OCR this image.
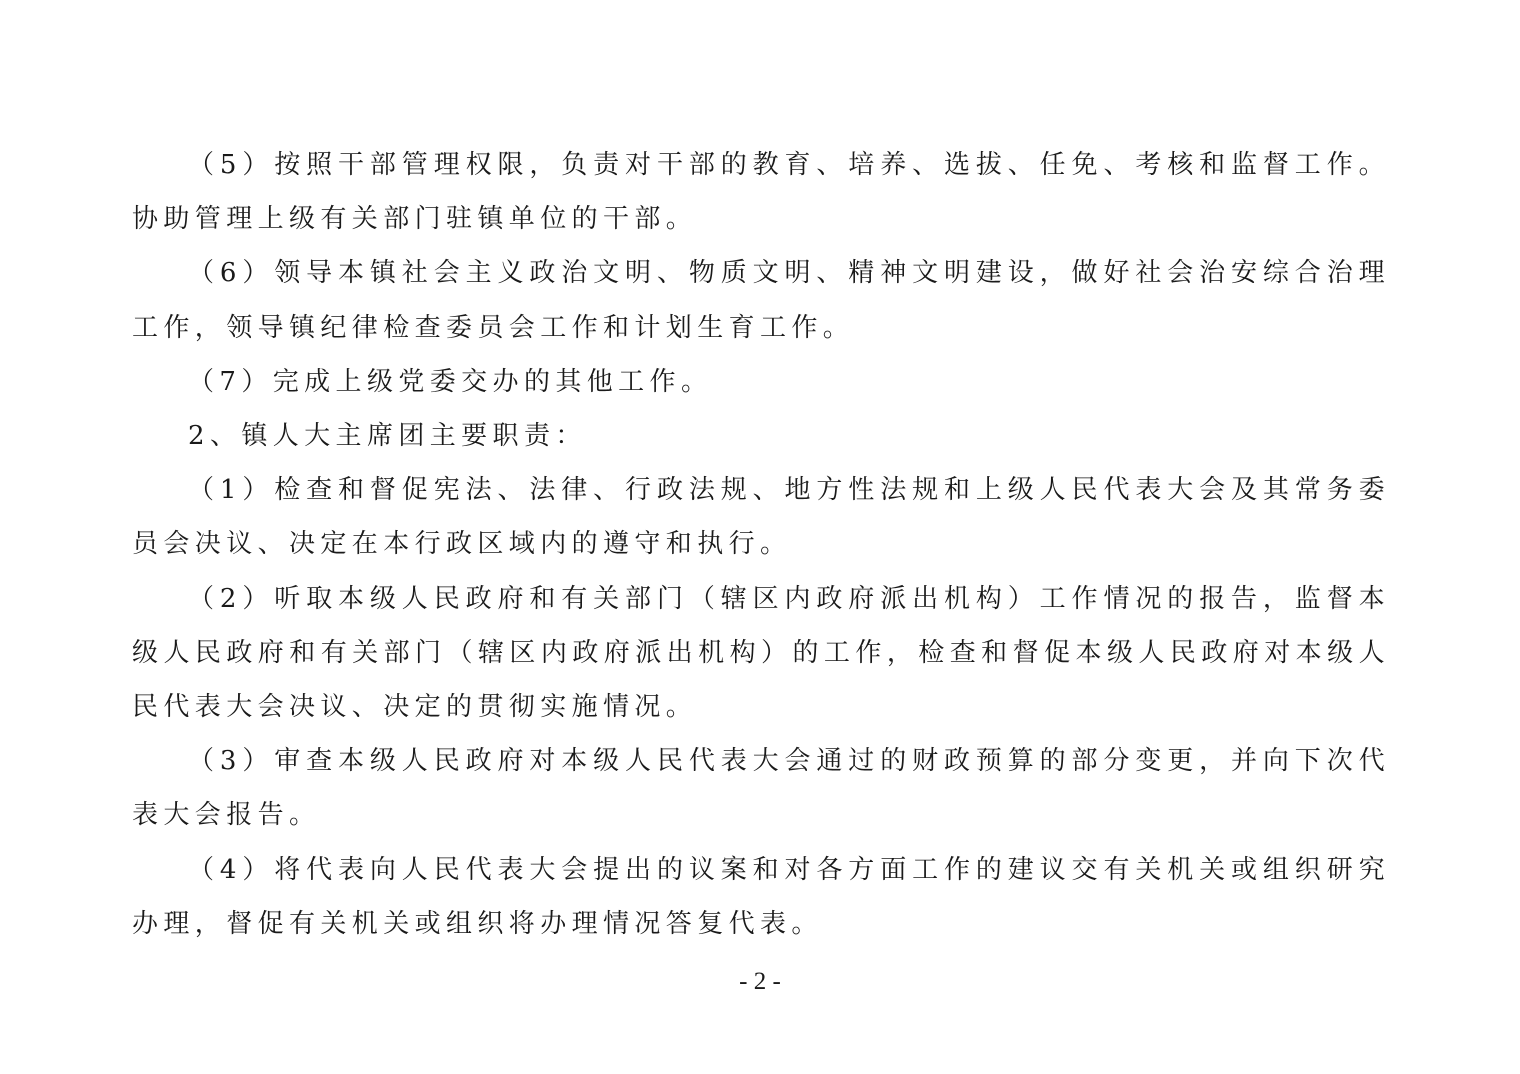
（5）按照干部管理权限，负责对干部的教育、培养、选拔、任免、考核和监督工作。协助管理上级有关部门驻镇单位的干部。

（6）领导本镇社会主义政治文明、物质文明、精神文明建设，做好社会治安综合治理工作，领导镇纪律检查委员会工作和计划生育工作。

（7）完成上级党委交办的其他工作。

2、镇人大主席团主要职责：

（1）检查和督促宪法、法律、行政法规、地方性法规和上级人民代表大会及其常务委员会决议、决定在本行政区域内的遵守和执行。

（2）听取本级人民政府和有关部门（辖区内政府派出机构）工作情况的报告，监督本级人民政府和有关部门（辖区内政府派出机构）的工作，检查和督促本级人民政府对本级人民代表大会决议、决定的贯彻实施情况。

（3）审查本级人民政府对本级人民代表大会通过的财政预算的部分变更，并向下次代表大会报告。

（4）将代表向人民代表大会提出的议案和对各方面工作的建议交有关机关或组织研究办理，督促有关机关或组织将办理情况答复代表。

- 2 -
